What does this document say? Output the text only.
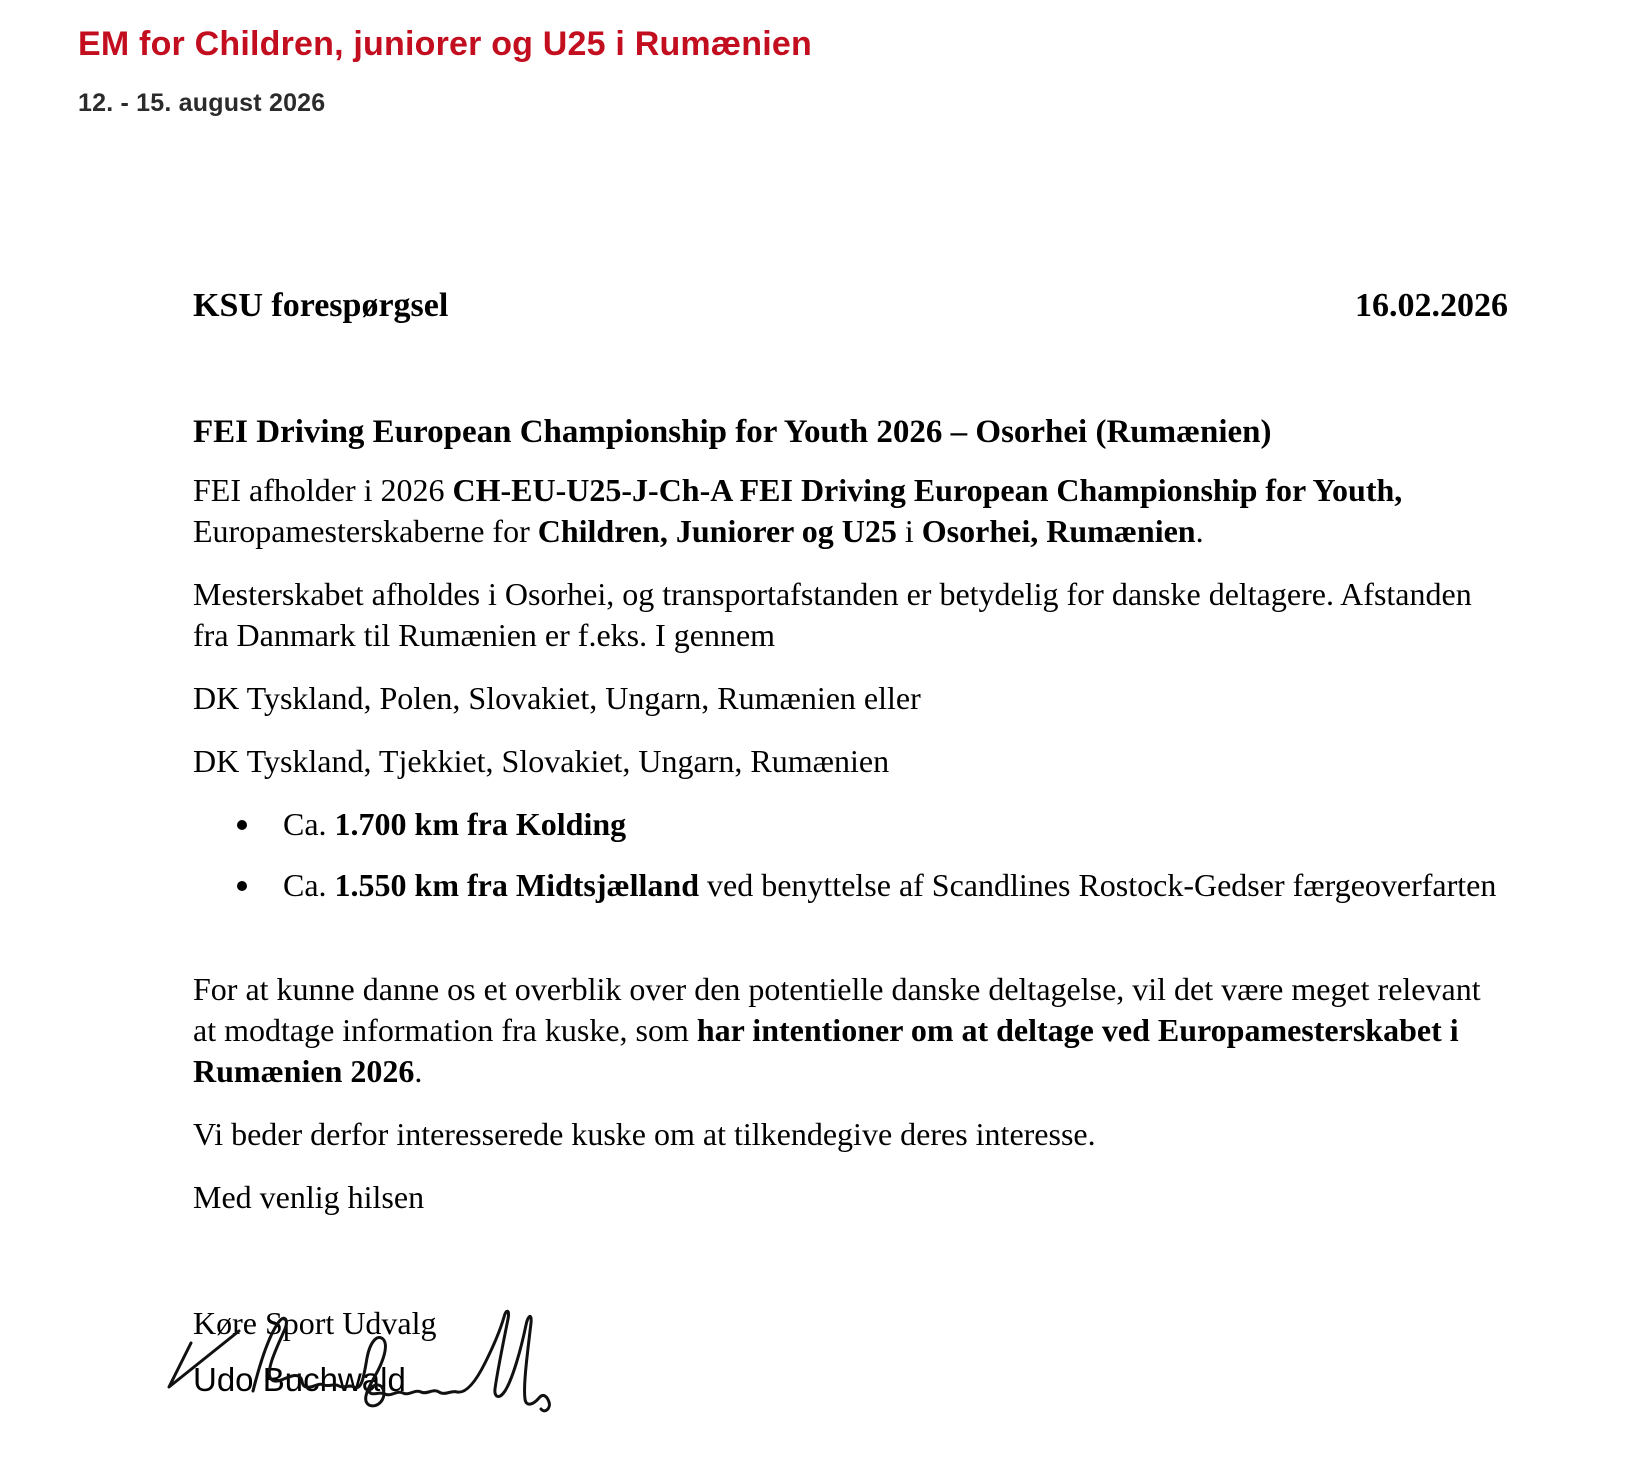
EM for Children, juniorer og U25 i Rumænien
12. - 15. august 2026
KSU forespørgsel	16.02.2026
FEI Driving European Championship for Youth 2026 – Osorhei (Rumænien)

FEI afholder i 2026 CH-EU-U25-J-Ch-A FEI Driving European Championship for Youth, Europamesterskaberne for Children, Juniorer og U25 i Osorhei, Rumænien.

Mesterskabet afholdes i Osorhei, og transportafstanden er betydelig for danske deltagere. Afstanden fra Danmark til Rumænien er f.eks. I gennem

DK Tyskland, Polen, Slovakiet, Ungarn, Rumænien eller

DK Tyskland, Tjekkiet, Slovakiet, Ungarn, Rumænien

Ca. 1.700 km fra Kolding
Ca. 1.550 km fra Midtsjælland ved benyttelse af Scandlines Rostock-Gedser færgeoverfarten

For at kunne danne os et overblik over den potentielle danske deltagelse, vil det være meget relevant at modtage information fra kuske, som har intentioner om at deltage ved Europamesterskabet i Rumænien 2026.

Vi beder derfor interesserede kuske om at tilkendegive deres interesse.

Med venlig hilsen

Køre Sport Udvalg
Udo Buchwald
